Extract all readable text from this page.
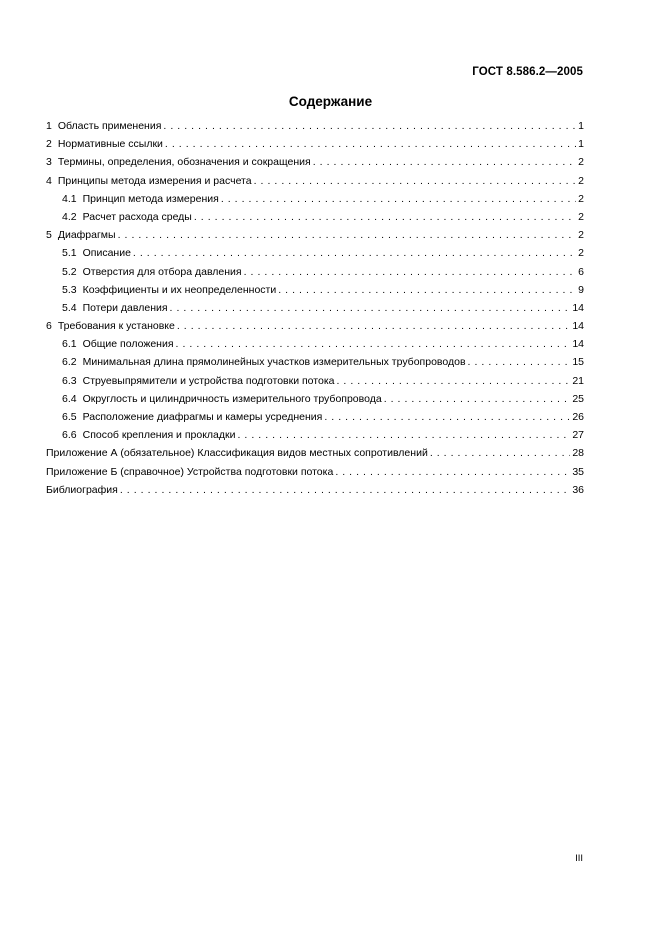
ГОСТ 8.586.2—2005
Содержание
1 Область применения . . .	1
2 Нормативные ссылки . . .	1
3 Термины, определения, обозначения и сокращения . . .	2
4 Принципы метода измерения и расчета . . .	2
4.1 Принцип метода измерения . . .	2
4.2 Расчет расхода среды . . .	2
5 Диафрагмы . . .	2
5.1 Описание . . .	2
5.2 Отверстия для отбора давления . . .	6
5.3 Коэффициенты и их неопределенности . . .	9
5.4 Потери давления . . .	14
6 Требования к установке . . .	14
6.1 Общие положения . . .	14
6.2 Минимальная длина прямолинейных участков измерительных трубопроводов . . .	15
6.3 Струевыпрямители и устройства подготовки потока . . .	21
6.4 Округлость и цилиндричность измерительного трубопровода . . .	25
6.5 Расположение диафрагмы и камеры усреднения . . .	26
6.6 Способ крепления и прокладки . . .	27
Приложение А (обязательное) Классификация видов местных сопротивлений . . .	28
Приложение Б (справочное) Устройства подготовки потока . . .	35
Библиография . . .	36
III
